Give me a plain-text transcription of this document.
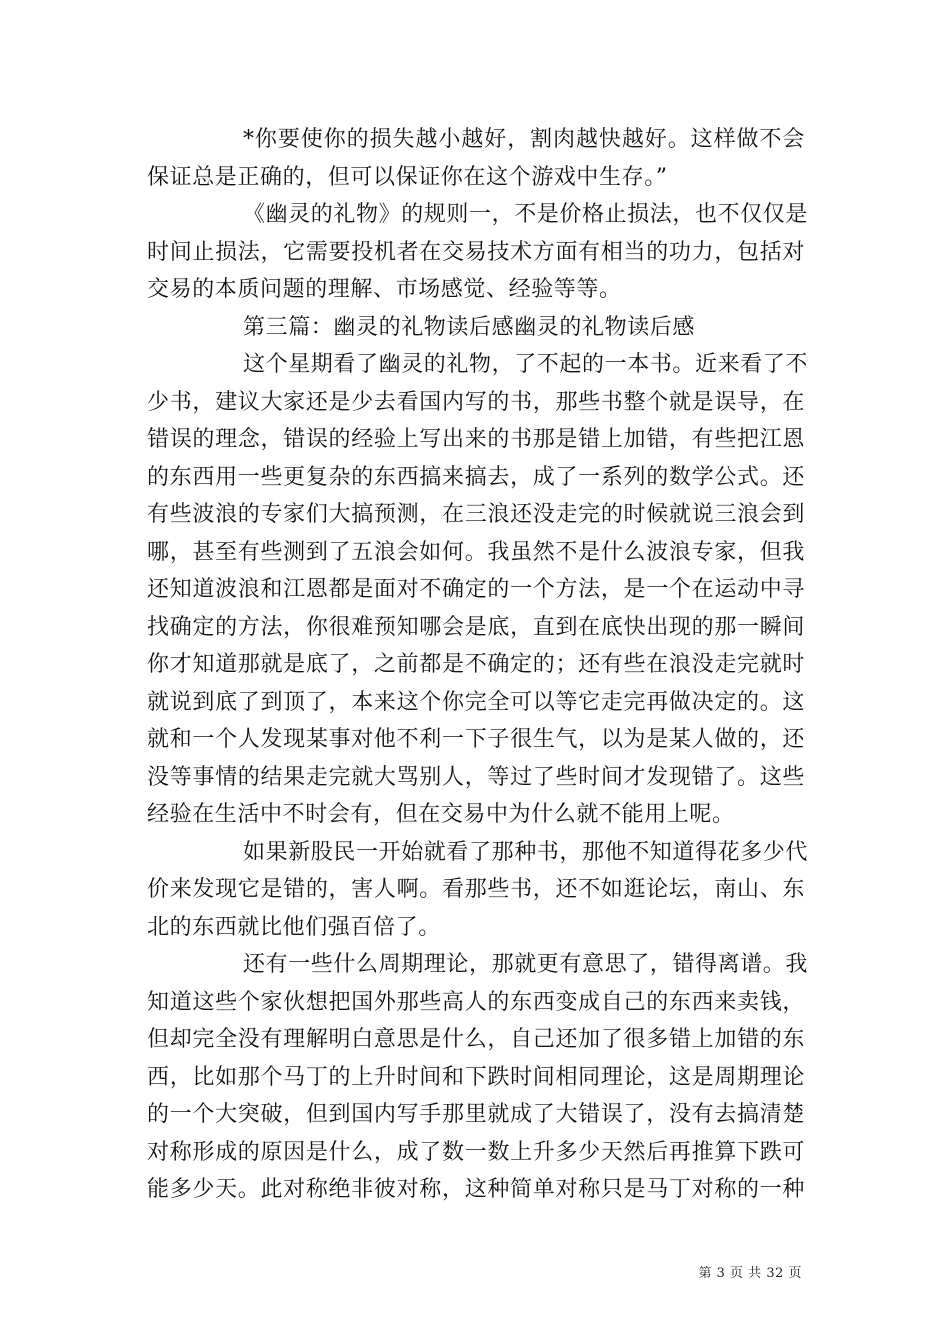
*你要使你的损失越小越好，割肉越快越好。这样做不会
保证总是正确的，但可以保证你在这个游戏中生存。”
《幽灵的礼物》的规则一，不是价格止损法，也不仅仅是
时间止损法，它需要投机者在交易技术方面有相当的功力，包括对
交易的本质问题的理解、市场感觉、经验等等。
第三篇：幽灵的礼物读后感幽灵的礼物读后感
这个星期看了幽灵的礼物，了不起的一本书。近来看了不
少书，建议大家还是少去看国内写的书，那些书整个就是误导，在
错误的理念，错误的经验上写出来的书那是错上加错，有些把江恩
的东西用一些更复杂的东西搞来搞去，成了一系列的数学公式。还
有些波浪的专家们大搞预测，在三浪还没走完的时候就说三浪会到
哪，甚至有些测到了五浪会如何。我虽然不是什么波浪专家，但我
还知道波浪和江恩都是面对不确定的一个方法，是一个在运动中寻
找确定的方法，你很难预知哪会是底，直到在底快出现的那一瞬间
你才知道那就是底了，之前都是不确定的；还有些在浪没走完就时
就说到底了到顶了，本来这个你完全可以等它走完再做决定的。这
就和一个人发现某事对他不利一下子很生气，以为是某人做的，还
没等事情的结果走完就大骂别人，等过了些时间才发现错了。这些
经验在生活中不时会有，但在交易中为什么就不能用上呢。
如果新股民一开始就看了那种书，那他不知道得花多少代
价来发现它是错的，害人啊。看那些书，还不如逛论坛，南山、东
北的东西就比他们强百倍了。
还有一些什么周期理论，那就更有意思了，错得离谱。我
知道这些个家伙想把国外那些高人的东西变成自己的东西来卖钱，
但却完全没有理解明白意思是什么，自己还加了很多错上加错的东
西，比如那个马丁的上升时间和下跌时间相同理论，这是周期理论
的一个大突破，但到国内写手那里就成了大错误了，没有去搞清楚
对称形成的原因是什么，成了数一数上升多少天然后再推算下跌可
能多少天。此对称绝非彼对称，这种简单对称只是马丁对称的一种
第 3 页 共 32 页
